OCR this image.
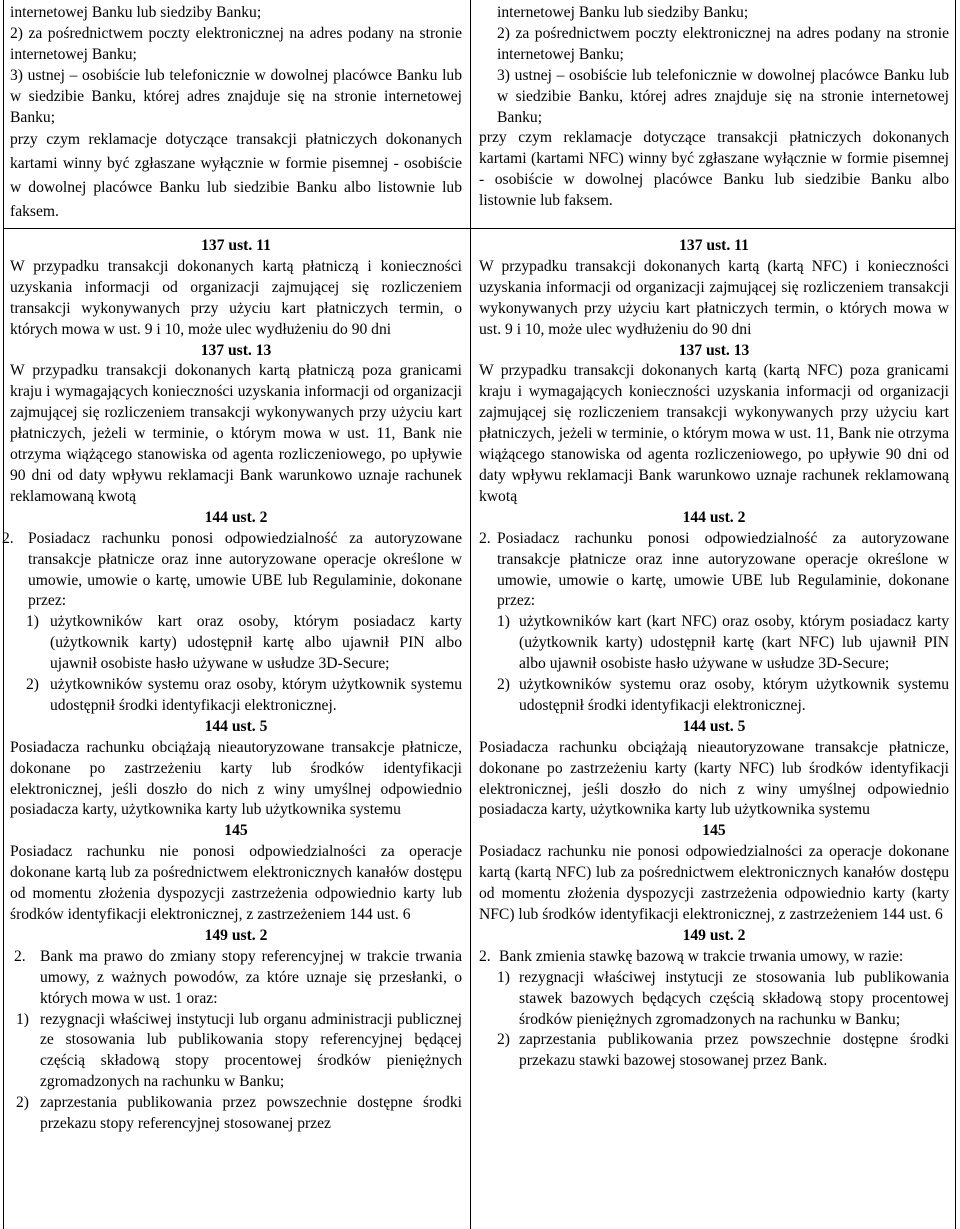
internetowej Banku lub siedziby Banku;

2) za pośrednictwem poczty elektronicznej na adres podany na stronie internetowej Banku;

3) ustnej – osobiście lub telefonicznie w dowolnej placówce Banku lub w siedzibie Banku, której adres znajduje się na stronie internetowej Banku;

przy czym reklamacje dotyczące transakcji płatniczych dokonanych kartami winny być zgłaszane wyłącznie w formie pisemnej - osobiście w dowolnej placówce Banku lub siedzibie Banku albo listownie lub faksem.

internetowej Banku lub siedziby Banku;

2) za pośrednictwem poczty elektronicznej na adres podany na stronie internetowej Banku;

3) ustnej – osobiście lub telefonicznie w dowolnej placówce Banku lub w siedzibie Banku, której adres znajduje się na stronie internetowej Banku;

przy czym reklamacje dotyczące transakcji płatniczych dokonanych kartami (kartami NFC) winny być zgłaszane wyłącznie w formie pisemnej - osobiście w dowolnej placówce Banku lub siedzibie Banku albo listownie lub faksem.

137 ust. 11

W przypadku transakcji dokonanych kartą płatniczą i konieczności uzyskania informacji od organizacji zajmującej się rozliczeniem transakcji wykonywanych przy użyciu kart płatniczych termin, o których mowa w ust. 9 i 10, może ulec wydłużeniu do 90 dni

137 ust. 13

W przypadku transakcji dokonanych kartą płatniczą poza granicami kraju i wymagających konieczności uzyskania informacji od organizacji zajmującej się rozliczeniem transakcji wykonywanych przy użyciu kart płatniczych, jeżeli w terminie, o którym mowa w ust. 11, Bank nie otrzyma wiążącego stanowiska od agenta rozliczeniowego, po upływie 90 dni od daty wpływu reklamacji Bank warunkowo uznaje rachunek reklamowaną kwotą

144 ust. 2

2. Posiadacz rachunku ponosi odpowiedzialność za autoryzowane transakcje płatnicze oraz inne autoryzowane operacje określone w umowie, umowie o kartę, umowie UBE lub Regulaminie, dokonane przez:

1) użytkowników kart oraz osoby, którym posiadacz karty (użytkownik karty) udostępnił kartę albo ujawnił PIN albo ujawnił osobiste hasło używane w usłudze 3D-Secure;

2) użytkowników systemu oraz osoby, którym użytkownik systemu udostępnił środki identyfikacji elektronicznej.

144 ust. 5

Posiadacza rachunku obciążają nieautoryzowane transakcje płatnicze, dokonane po zastrzeżeniu karty lub środków identyfikacji elektronicznej, jeśli doszło do nich z winy umyślnej odpowiednio posiadacza karty, użytkownika karty lub użytkownika systemu

145

Posiadacz rachunku nie ponosi odpowiedzialności za operacje dokonane kartą lub za pośrednictwem elektronicznych kanałów dostępu od momentu złożenia dyspozycji zastrzeżenia odpowiednio karty lub środków identyfikacji elektronicznej, z zastrzeżeniem 144 ust. 6

149 ust. 2

2. Bank ma prawo do zmiany stopy referencyjnej w trakcie trwania umowy, z ważnych powodów, za które uznaje się przesłanki, o których mowa w ust. 1 oraz:

1) rezygnacji właściwej instytucji lub organu administracji publicznej ze stosowania lub publikowania stopy referencyjnej będącej częścią składową stopy procentowej środków pieniężnych zgromadzonych na rachunku w Banku;

2) zaprzestania publikowania przez powszechnie dostępne środki przekazu stopy referencyjnej stosowanej przez

137 ust. 11

W przypadku transakcji dokonanych kartą (kartą NFC) i konieczności uzyskania informacji od organizacji zajmującej się rozliczeniem transakcji wykonywanych przy użyciu kart płatniczych termin, o których mowa w ust. 9 i 10, może ulec wydłużeniu do 90 dni

137 ust. 13

W przypadku transakcji dokonanych kartą (kartą NFC) poza granicami kraju i wymagających konieczności uzyskania informacji od organizacji zajmującej się rozliczeniem transakcji wykonywanych przy użyciu kart płatniczych, jeżeli w terminie, o którym mowa w ust. 11, Bank nie otrzyma wiążącego stanowiska od agenta rozliczeniowego, po upływie 90 dni od daty wpływu reklamacji Bank warunkowo uznaje rachunek reklamowaną kwotą

144 ust. 2

2. Posiadacz rachunku ponosi odpowiedzialność za autoryzowane transakcje płatnicze oraz inne autoryzowane operacje określone w umowie, umowie o kartę, umowie UBE lub Regulaminie, dokonane przez:

1) użytkowników kart (kart NFC) oraz osoby, którym posiadacz karty (użytkownik karty) udostępnił kartę (kart NFC) lub ujawnił PIN albo ujawnił osobiste hasło używane w usłudze 3D-Secure;

2) użytkowników systemu oraz osoby, którym użytkownik systemu udostępnił środki identyfikacji elektronicznej.

144 ust. 5

Posiadacza rachunku obciążają nieautoryzowane transakcje płatnicze, dokonane po zastrzeżeniu karty (karty NFC) lub środków identyfikacji elektronicznej, jeśli doszło do nich z winy umyślnej odpowiednio posiadacza karty, użytkownika karty lub użytkownika systemu

145

Posiadacz rachunku nie ponosi odpowiedzialności za operacje dokonane kartą (kartą NFC) lub za pośrednictwem elektronicznych kanałów dostępu od momentu złożenia dyspozycji zastrzeżenia odpowiednio karty (karty NFC) lub środków identyfikacji elektronicznej, z zastrzeżeniem 144 ust. 6

149 ust. 2

2. Bank zmienia stawkę bazową w trakcie trwania umowy, w razie:

1) rezygnacji właściwej instytucji ze stosowania lub publikowania stawek bazowych będących częścią składową stopy procentowej środków pieniężnych zgromadzonych na rachunku w Banku;

2) zaprzestania publikowania przez powszechnie dostępne środki przekazu stawki bazowej stosowanej przez Bank.
